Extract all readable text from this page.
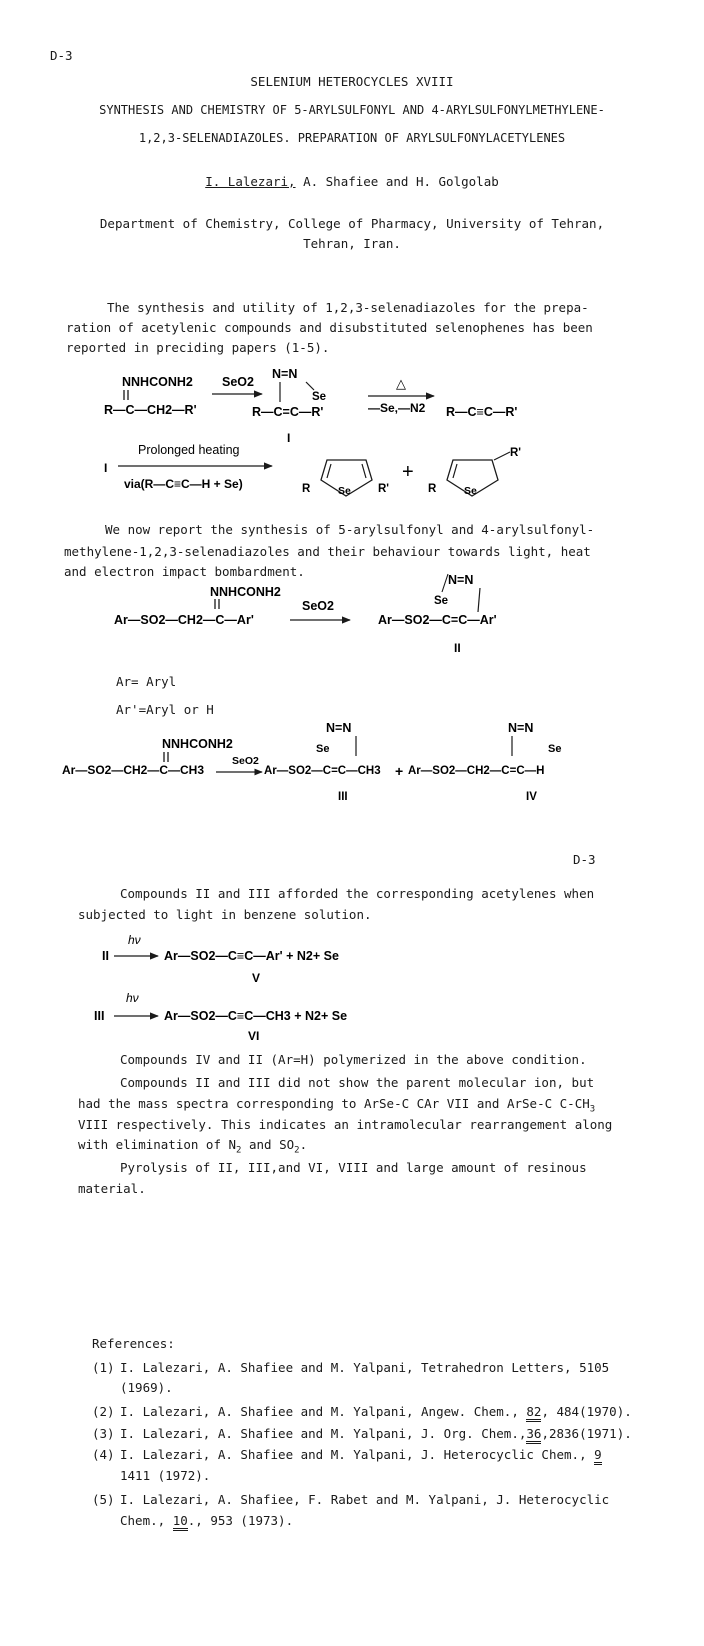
D-3
SELENIUM HETEROCYCLES XVIII
SYNTHESIS AND CHEMISTRY OF 5-ARYLSULFONYL AND 4-ARYLSULFONYLMETHYLENE-
1,2,3-SELENADIAZOLES. PREPARATION OF ARYLSULFONYLACETYLENES
I. Lalezari, A. Shafiee and H. Golgolab
Department of Chemistry, College of Pharmacy, University of Tehran,
Tehran, Iran.
The synthesis and utility of 1,2,3-selenadiazoles for the prepa-
ration of acetylenic compounds and disubstituted selenophenes has been
reported in preciding papers (1-5).
NNHCONH2
R—C—CH2—R'
SeO2
N=N
Se
R—C=C—R'
I
△
—Se,—N2 R—C≡C—R'
Prolonged heating
I
via(R—C≡C—H + Se)	R	Se R'
+
R'
R	Se
We now report the synthesis of 5-arylsulfonyl and 4-arylsulfonyl-
methylene-1,2,3-selenadiazoles and their behaviour towards light, heat
and electron impact bombardment.
NNHCONH2
Ar—SO2—CH2—C—Ar'
SeO2
N=N
Se
Ar—SO2—C=C—Ar'
II
Ar= Aryl
Ar'=Aryl or H
N=N
Se
N=N
Se
NNHCONH2
Ar—SO2—CH2—C—CH3
SeO2
Ar—SO2—C=C—CH3 + Ar—SO2—CH2—C=C—H
III	IV
D-3
Compounds II and III afforded the corresponding acetylenes when
subjected to light in benzene solution.
hν
II	Ar—SO2—C≡C—Ar' + N2+ Se
V
hν
III	Ar—SO2—C≡C—CH3 + N2+ Se
VI
Compounds IV and II (Ar=H) polymerized in the above condition.
Compounds II and III did not show the parent molecular ion, but
had the mass spectra corresponding to ArSe-C CAr VII and ArSe-C $C-CH_3$
VIII respectively. This indicates an intramolecular rearrangement along
with elimination of $N_2$ and $SO_2$.
Pyrolysis of II, III,and VI, VIII and large amount of resinous
material.
References:
(1) I. Lalezari, A. Shafiee and M. Yalpani, Tetrahedron Letters, 5105
(1969).
(2) I. Lalezari, A. Shafiee and M. Yalpani, Angew. Chem., 82, 484(1970).
(3) I. Lalezari, A. Shafiee and M. Yalpani, J. Org. Chem.,36,2836(1971).
(4) I. Lalezari, A. Shafiee and M. Yalpani, J. Heterocyclic Chem., 9
1411 (1972).
(5) I. Lalezari, A. Shafiee, F. Rabet and M. Yalpani, J. Heterocyclic
Chem., 10., 953 (1973).
